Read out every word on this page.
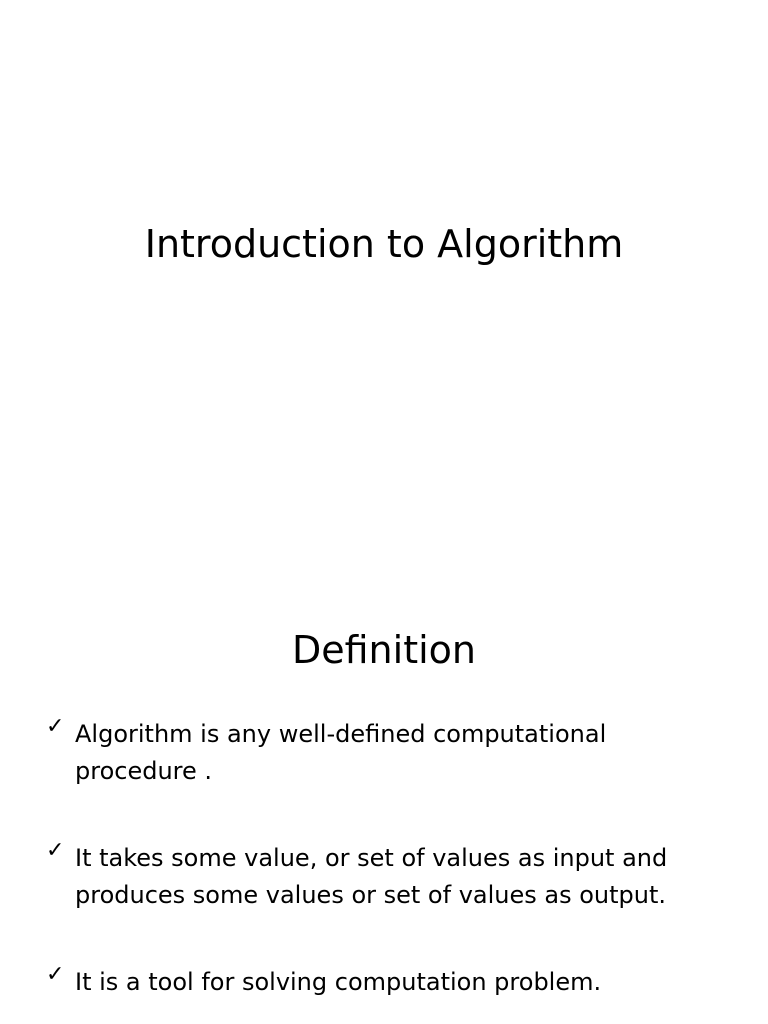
Introduction to Algorithm
Definition
✓ Algorithm is any well-defined computational procedure .
✓ It takes some value, or set of values as input and produces some values or set of values as output.
✓ It is a tool for solving computation problem.
